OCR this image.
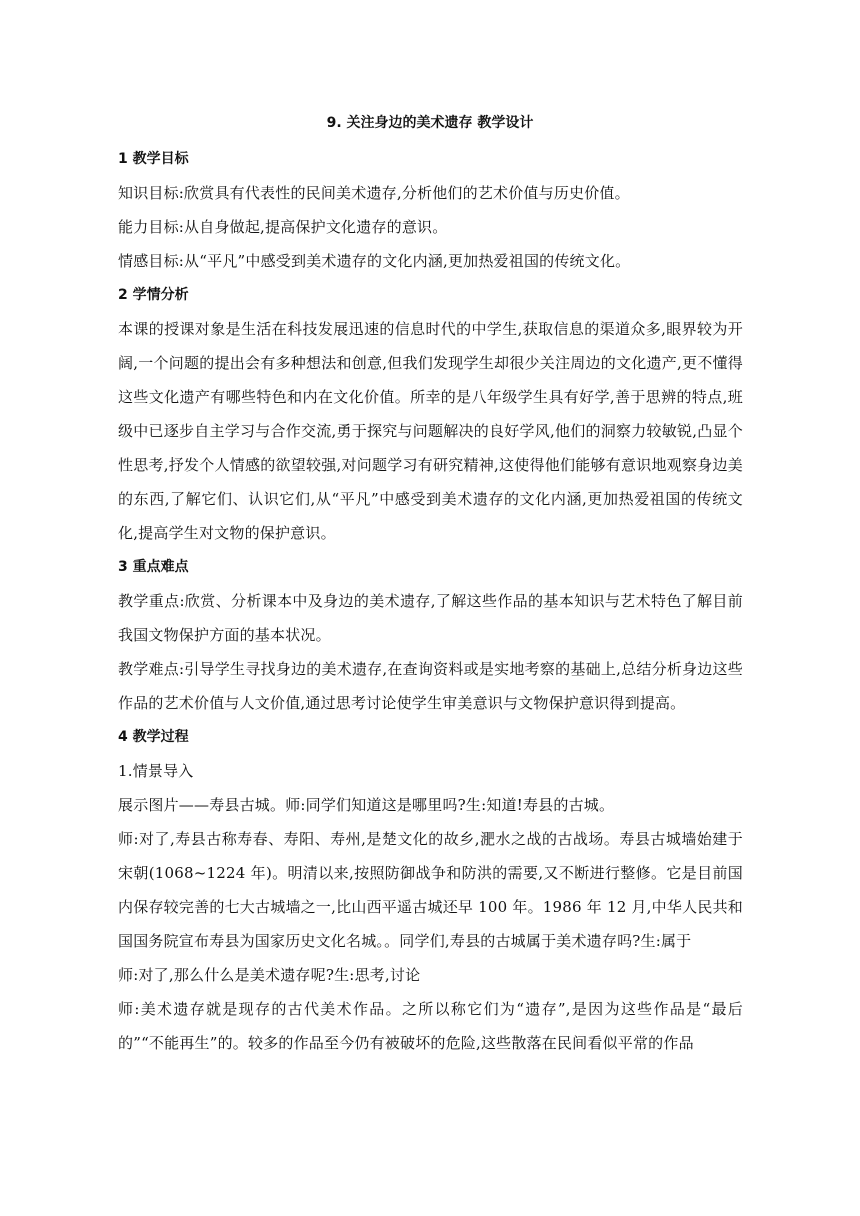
9. 关注身边的美术遗存 教学设计

1 教学目标

知识目标:欣赏具有代表性的民间美术遗存,分析他们的艺术价值与历史价值。

能力目标:从自身做起,提高保护文化遗存的意识。

情感目标:从“平凡”中感受到美术遗存的文化内涵,更加热爱祖国的传统文化。

2 学情分析

本课的授课对象是生活在科技发展迅速的信息时代的中学生,获取信息的渠道众多,眼界较为开阔,一个问题的提出会有多种想法和创意,但我们发现学生却很少关注周边的文化遗产,更不懂得这些文化遗产有哪些特色和内在文化价值。所幸的是八年级学生具有好学,善于思辨的特点,班级中已逐步自主学习与合作交流,勇于探究与问题解决的良好学风,他们的洞察力较敏锐,凸显个性思考,抒发个人情感的欲望较强,对问题学习有研究精神,这使得他们能够有意识地观察身边美的东西,了解它们、认识它们,从“平凡”中感受到美术遗存的文化内涵,更加热爱祖国的传统文化,提高学生对文物的保护意识。

3 重点难点

教学重点:欣赏、分析课本中及身边的美术遗存,了解这些作品的基本知识与艺术特色了解目前我国文物保护方面的基本状况。

教学难点:引导学生寻找身边的美术遗存,在查询资料或是实地考察的基础上,总结分析身边这些作品的艺术价值与人文价值,通过思考讨论使学生审美意识与文物保护意识得到提高。

4 教学过程

1.情景导入

展示图片——寿县古城。师:同学们知道这是哪里吗?生:知道!寿县的古城。

师:对了,寿县古称寿春、寿阳、寿州,是楚文化的故乡,淝水之战的古战场。寿县古城墙始建于宋朝(1068~1224 年)。明清以来,按照防御战争和防洪的需要,又不断进行整修。它是目前国内保存较完善的七大古城墙之一,比山西平遥古城还早 100 年。1986 年 12 月,中华人民共和国国务院宣布寿县为国家历史文化名城。。同学们,寿县的古城属于美术遗存吗?生:属于

师:对了,那么什么是美术遗存呢?生:思考,讨论

师:美术遗存就是现存的古代美术作品。之所以称它们为“遗存”,是因为这些作品是“最后的”“不能再生”的。较多的作品至今仍有被破坏的危险,这些散落在民间看似平常的作品
